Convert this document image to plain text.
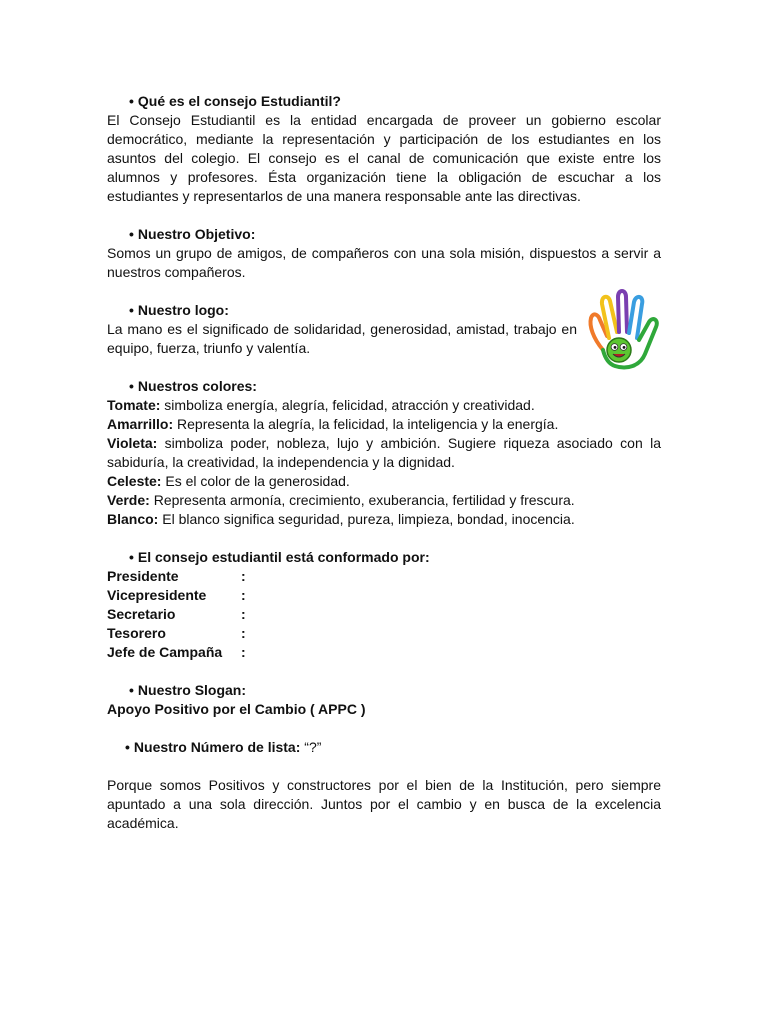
• Qué es el consejo Estudiantil?

El Consejo Estudiantil es la entidad encargada de proveer un gobierno escolar democrático, mediante la representación y participación de los estudiantes en los asuntos del colegio. El consejo es el canal de comunicación que existe entre los alumnos y profesores. Ésta organización tiene la obligación de escuchar a los estudiantes y representarlos de una manera responsable ante las directivas.

• Nuestro Objetivo:

Somos un grupo de amigos, de compañeros con una sola misión, dispuestos a servir a nuestros compañeros.

• Nuestro logo:

La mano es el significado de solidaridad, generosidad, amistad, trabajo en equipo, fuerza, triunfo y valentía.

• Nuestros colores:

Tomate: simboliza energía, alegría, felicidad, atracción y creatividad.

Amarrillo: Representa la alegría, la felicidad, la inteligencia y la energía.

Violeta: simboliza poder, nobleza, lujo y ambición. Sugiere riqueza asociado con la sabiduría, la creatividad, la independencia y la dignidad.

Celeste: Es el color de la generosidad.

Verde: Representa armonía, crecimiento, exuberancia, fertilidad y frescura.

Blanco: El blanco significa seguridad, pureza, limpieza, bondad, inocencia.

• El consejo estudiantil está conformado por:
Presidente	:
Vicepresidente	:
Secretario	:
Tesorero	:
Jefe de Campaña	:
• Nuestro Slogan:

Apoyo Positivo por el Cambio ( APPC )

• Nuestro Número de lista: “?”

Porque somos Positivos y constructores por el bien de la Institución, pero siempre apuntado a una sola dirección. Juntos por el cambio y en busca de la excelencia académica.
